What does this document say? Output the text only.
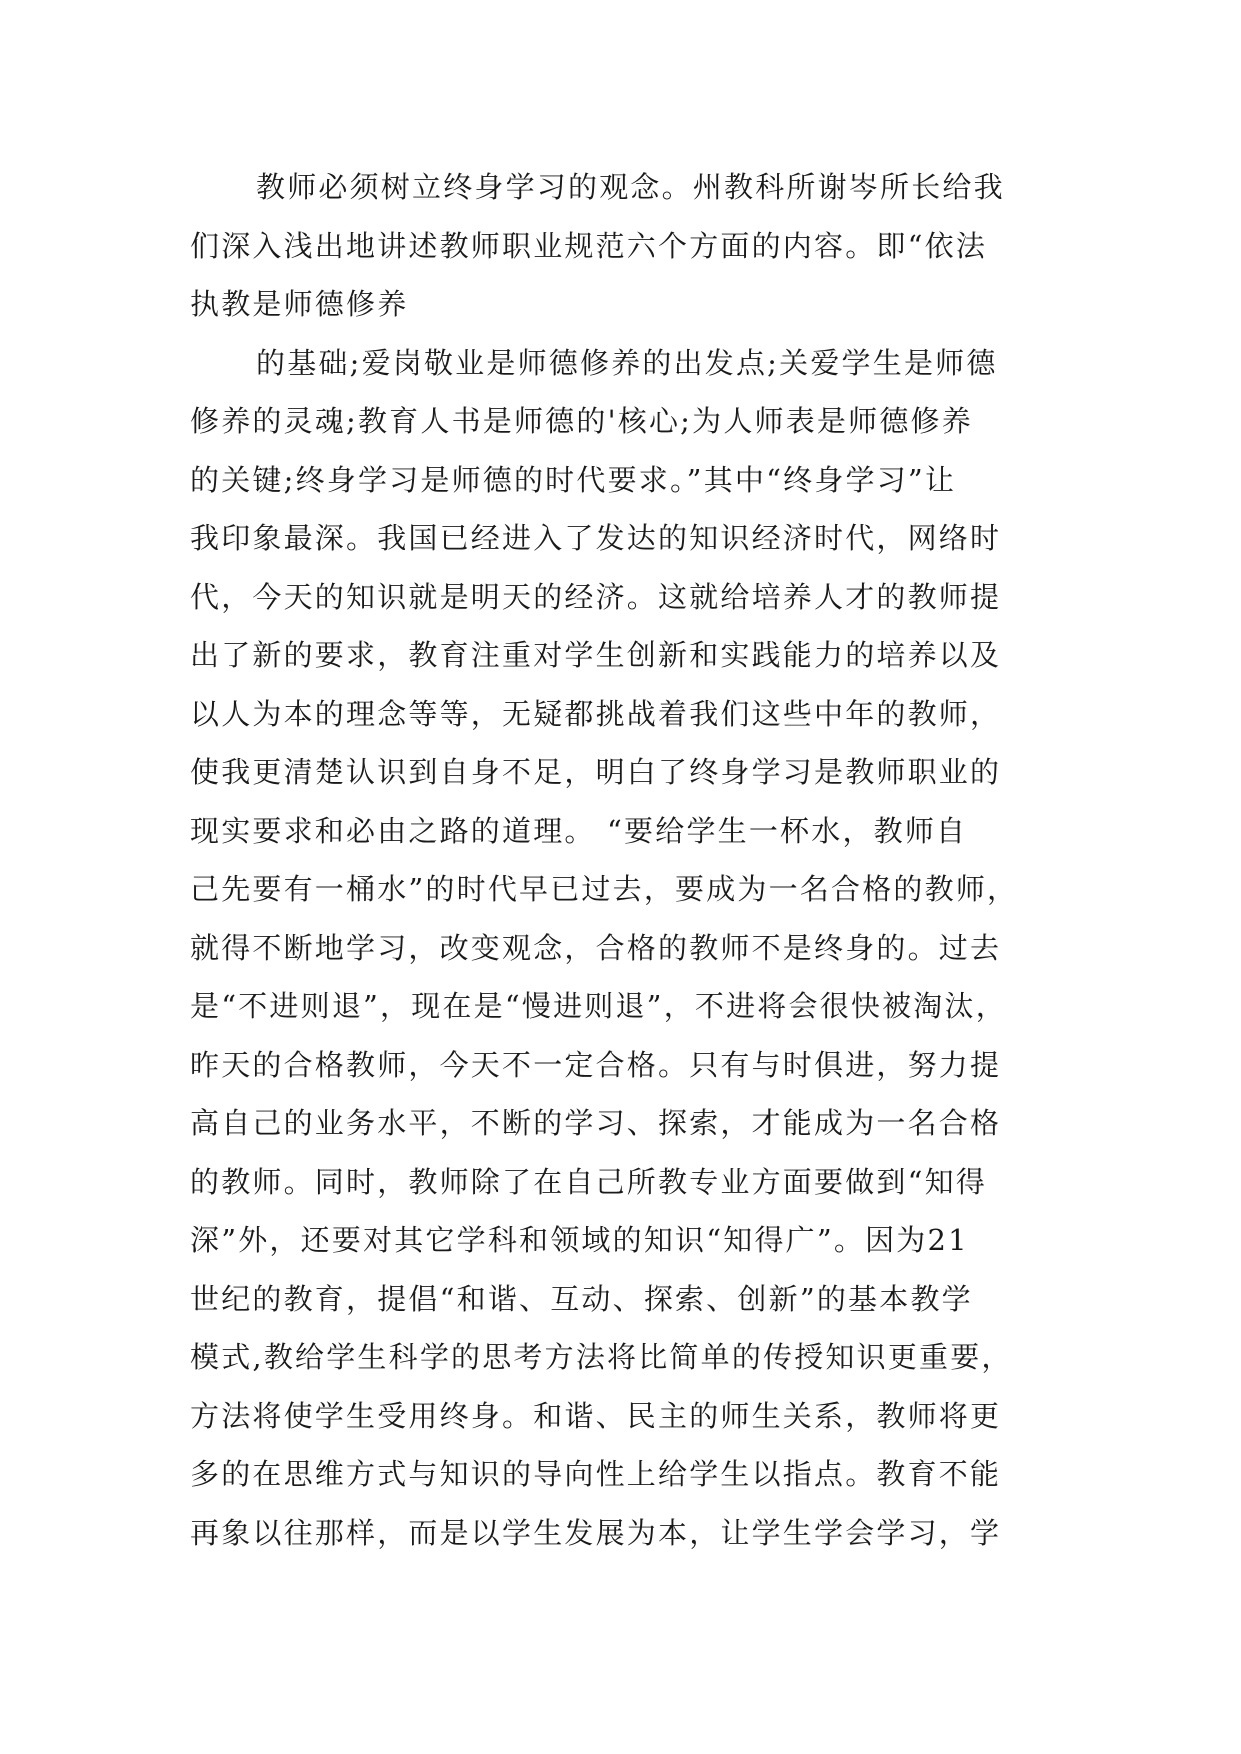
教师必须树立终身学习的观念。州教科所谢岑所长给我
们深入浅出地讲述教师职业规范六个方面的内容。即“依法
执教是师德修养
的基础;爱岗敬业是师德修养的出发点;关爱学生是师德
修养的灵魂;教育人书是师德的'核心;为人师表是师德修养
的关键;终身学习是师德的时代要求。”其中“终身学习”让
我印象最深。我国已经进入了发达的知识经济时代，网络时
代，今天的知识就是明天的经济。这就给培养人才的教师提
出了新的要求，教育注重对学生创新和实践能力的培养以及
以人为本的理念等等，无疑都挑战着我们这些中年的教师，
使我更清楚认识到自身不足，明白了终身学习是教师职业的
现实要求和必由之路的道理。 “要给学生一杯水，教师自
己先要有一桶水”的时代早已过去，要成为一名合格的教师，
就得不断地学习，改变观念，合格的教师不是终身的。过去
是“不进则退”，现在是“慢进则退”，不进将会很快被淘汰，
昨天的合格教师，今天不一定合格。只有与时俱进，努力提
高自己的业务水平，不断的学习、探索，才能成为一名合格
的教师。同时，教师除了在自己所教专业方面要做到“知得
深”外，还要对其它学科和领域的知识“知得广”。因为21
世纪的教育，提倡“和谐、互动、探索、创新”的基本教学
模式,教给学生科学的思考方法将比简单的传授知识更重要，
方法将使学生受用终身。和谐、民主的师生关系，教师将更
多的在思维方式与知识的导向性上给学生以指点。教育不能
再象以往那样，而是以学生发展为本，让学生学会学习，学
